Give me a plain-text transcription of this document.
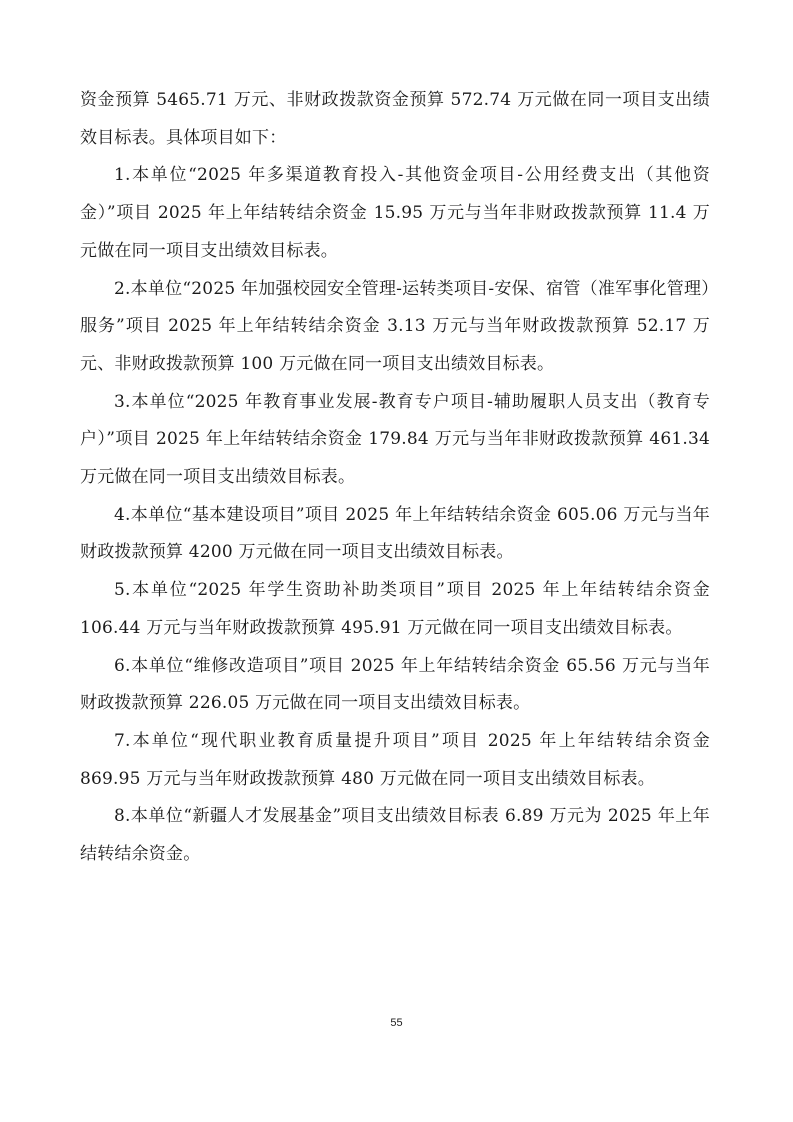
资金预算 5465.71 万元、非财政拨款资金预算 572.74 万元做在同一项目支出绩效目标表。具体项目如下：

1.本单位“2025 年多渠道教育投入-其他资金项目-公用经费支出（其他资金）”项目 2025 年上年结转结余资金 15.95 万元与当年非财政拨款预算 11.4 万元做在同一项目支出绩效目标表。

2.本单位“2025 年加强校园安全管理-运转类项目-安保、宿管（准军事化管理）服务”项目 2025 年上年结转结余资金 3.13 万元与当年财政拨款预算 52.17 万元、非财政拨款预算 100 万元做在同一项目支出绩效目标表。

3.本单位“2025 年教育事业发展-教育专户项目-辅助履职人员支出（教育专户）”项目 2025 年上年结转结余资金 179.84 万元与当年非财政拨款预算 461.34 万元做在同一项目支出绩效目标表。

4.本单位“基本建设项目”项目 2025 年上年结转结余资金 605.06 万元与当年财政拨款预算 4200 万元做在同一项目支出绩效目标表。

5.本单位“2025 年学生资助补助类项目”项目 2025 年上年结转结余资金 106.44 万元与当年财政拨款预算 495.91 万元做在同一项目支出绩效目标表。

6.本单位“维修改造项目”项目 2025 年上年结转结余资金 65.56 万元与当年财政拨款预算 226.05 万元做在同一项目支出绩效目标表。

7.本单位“现代职业教育质量提升项目”项目 2025 年上年结转结余资金 869.95 万元与当年财政拨款预算 480 万元做在同一项目支出绩效目标表。

8.本单位“新疆人才发展基金”项目支出绩效目标表 6.89 万元为 2025 年上年结转结余资金。

55
